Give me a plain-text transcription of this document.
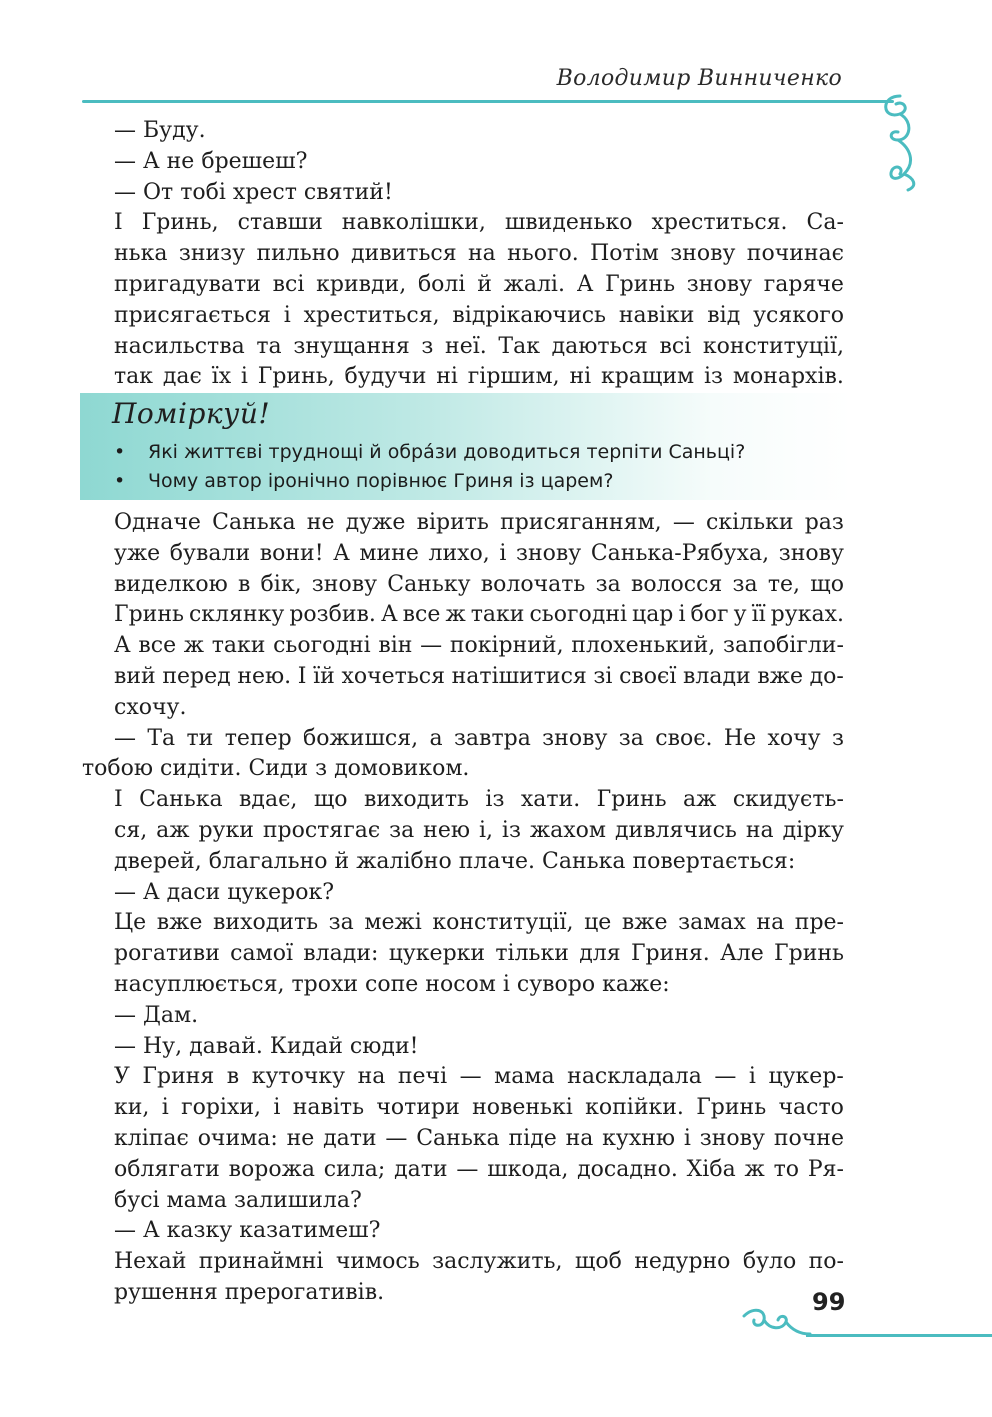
Володимир Винниченко
— Буду.
— А не брешеш?
— От тобі хрест святий!
І Гринь, ставши навколішки, швиденько хреститься. Са-
нька знизу пильно дивиться на нього. Потім знову починає
пригадувати всі кривди, болі й жалі. А Гринь знову гаряче
присягається і хреститься, відрікаючись навіки від усякого
насильства та знущання з неї. Так даються всі конституції,
так дає їх і Гринь, будучи ні гіршим, ні кращим із монархів.
Поміркуй!
• Які життєві труднощі й обрáзи доводиться терпіти Саньці?
• Чому автор іронічно порівнює Гриня із царем?
Одначе Санька не дуже вірить присяганням, — скільки раз
уже бували вони! А мине лихо, і знову Санька-Рябуха, знову
виделкою в бік, знову Саньку волочать за волосся за те, що
Гринь склянку розбив. А все ж таки сьогодні цар і бог у її руках.
А все ж таки сьогодні він — покірний, плохенький, запобігли-
вий перед нею. І їй хочеться натішитися зі своєї влади вже до-
схочу.
— Та ти тепер божишся, а завтра знову за своє. Не хочу з
тобою сидіти. Сиди з домовиком.
І Санька вдає, що виходить із хати. Гринь аж скидуєть-
ся, аж руки простягає за нею і, із жахом дивлячись на дірку
дверей, благально й жалібно плаче. Санька повертається:
— А даси цукерок?
Це вже виходить за межі конституції, це вже замах на пре-
рогативи самої влади: цукерки тільки для Гриня. Але Гринь
насуплюється, трохи сопе носом і суворо каже:
— Дам.
— Ну, давай. Кидай сюди!
У Гриня в куточку на печі — мама наскладала — і цукер-
ки, і горіхи, і навіть чотири новенькі копійки. Гринь часто
кліпає очима: не дати — Санька піде на кухню і знову почне
облягати ворожа сила; дати — шкода, досадно. Хіба ж то Ря-
бусі мама залишила?
— А казку казатимеш?
Нехай принаймні чимось заслужить, щоб недурно було по-
рушення прерогативів.	99
